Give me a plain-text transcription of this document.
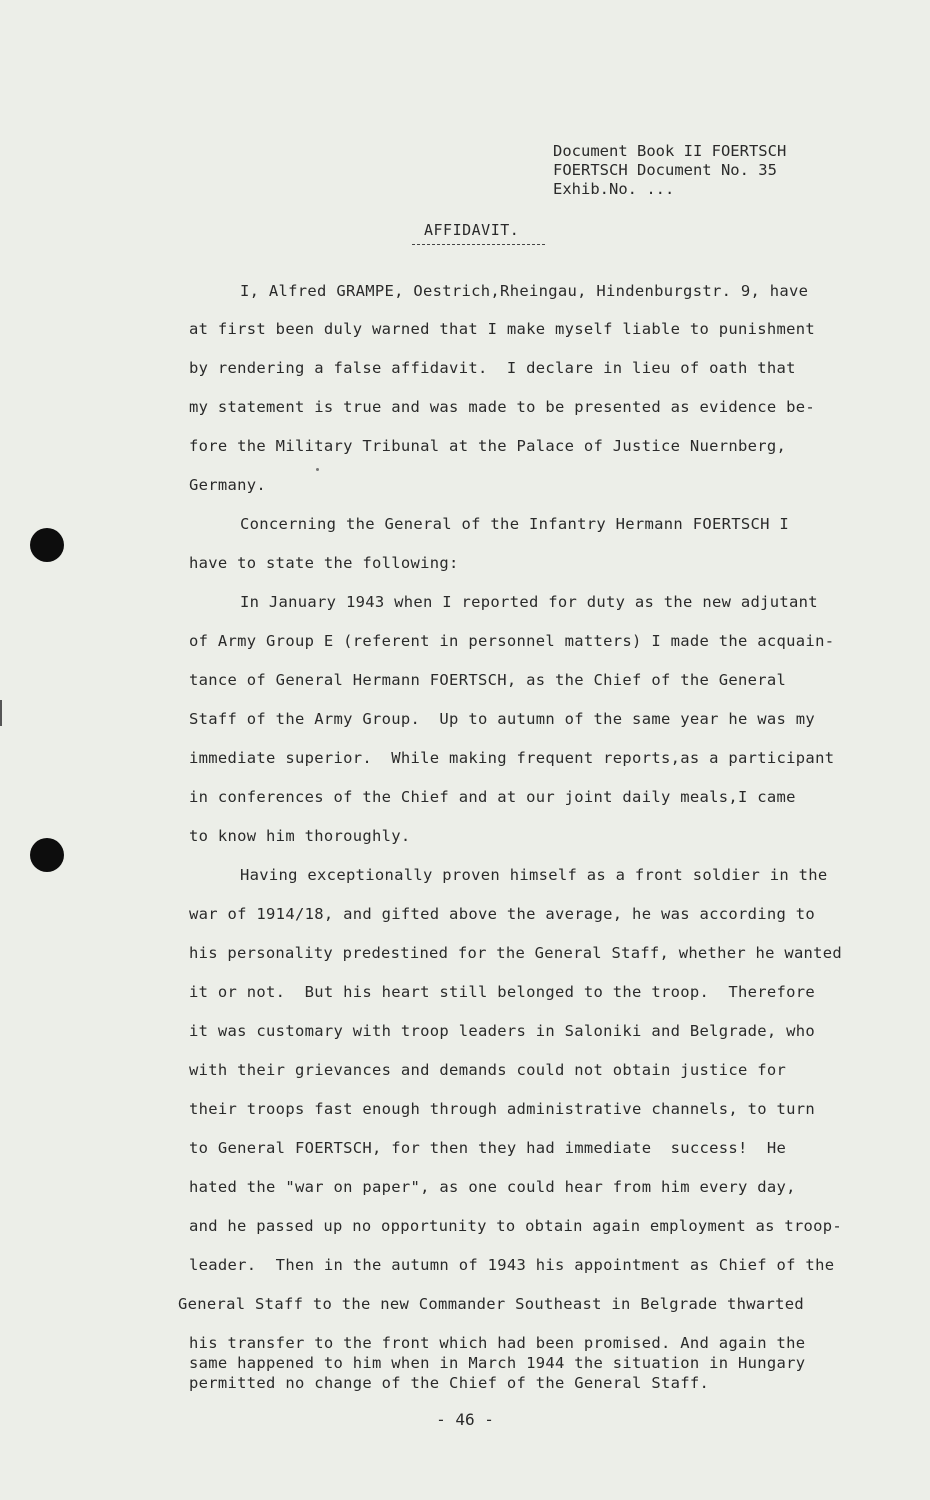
Document Book II FOERTSCH
FOERTSCH Document No. 35
Exhib.No. ...
AFFIDAVIT.
I, Alfred GRAMPE, Oestrich,Rheingau, Hindenburgstr. 9, have
at first been duly warned that I make myself liable to punishment
by rendering a false affidavit.  I declare in lieu of oath that
my statement is true and was made to be presented as evidence be-
fore the Military Tribunal at the Palace of Justice Nuernberg,
Germany.
Concerning the General of the Infantry Hermann FOERTSCH I
have to state the following:
In January 1943 when I reported for duty as the new adjutant
of Army Group E (referent in personnel matters) I made the acquain-
tance of General Hermann FOERTSCH, as the Chief of the General
Staff of the Army Group.  Up to autumn of the same year he was my
immediate superior.  While making frequent reports,as a participant
in conferences of the Chief and at our joint daily meals,I came
to know him thoroughly.
Having exceptionally proven himself as a front soldier in the
war of 1914/18, and gifted above the average, he was according to
his personality predestined for the General Staff, whether he wanted
it or not.  But his heart still belonged to the troop.  Therefore
it was customary with troop leaders in Saloniki and Belgrade, who
with their grievances and demands could not obtain justice for
their troops fast enough through administrative channels, to turn
to General FOERTSCH, for then they had immediate  success!  He
hated the "war on paper", as one could hear from him every day,
and he passed up no opportunity to obtain again employment as troop-
leader.  Then in the autumn of 1943 his appointment as Chief of the
General Staff to the new Commander Southeast in Belgrade thwarted
his transfer to the front which had been promised. And again the
same happened to him when in March 1944 the situation in Hungary
permitted no change of the Chief of the General Staff.
- 46 -
